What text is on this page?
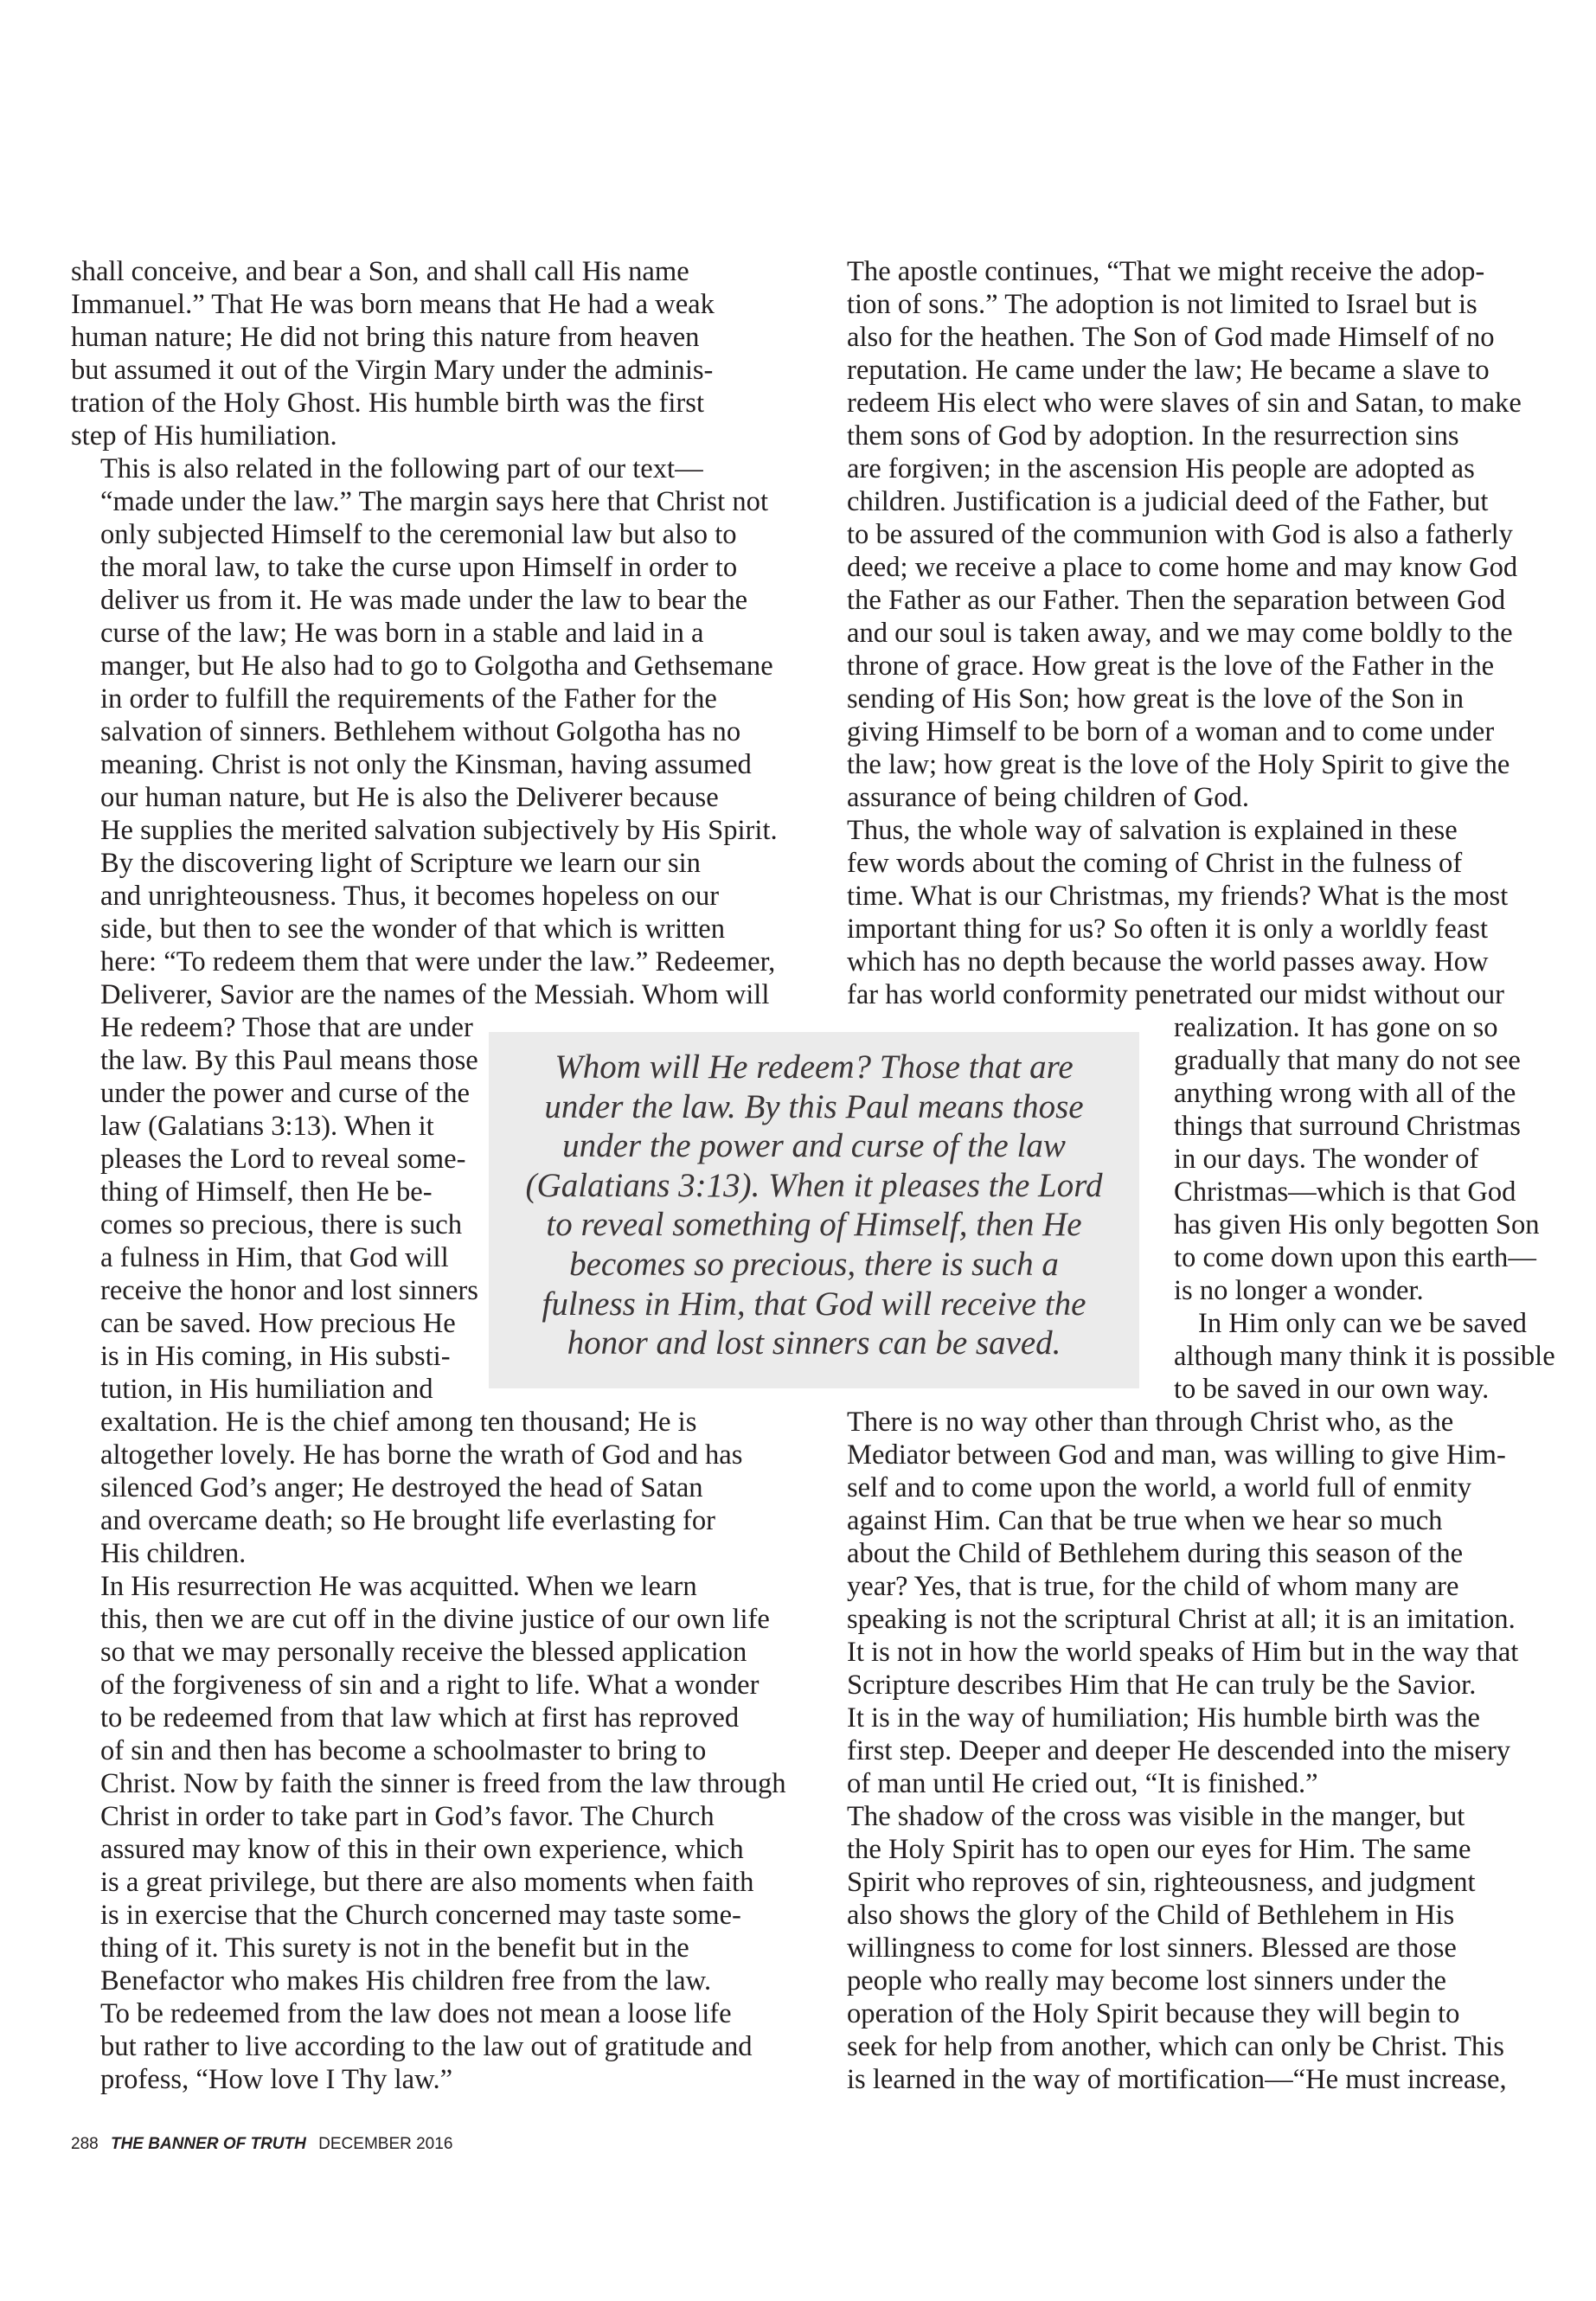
shall conceive, and bear a Son, and shall call His name
Immanuel.” That He was born means that He had a weak
human nature; He did not bring this nature from heaven
but assumed it out of the Virgin Mary under the adminis-
tration of the Holy Ghost. His humble birth was the first
step of His humiliation.

This is also related in the following part of our text—
“made under the law.” The margin says here that Christ not
only subjected Himself to the ceremonial law but also to
the moral law, to take the curse upon Himself in order to
deliver us from it. He was made under the law to bear the
curse of the law; He was born in a stable and laid in a
manger, but He also had to go to Golgotha and Gethsemane
in order to fulfill the requirements of the Father for the
salvation of sinners. Bethlehem without Golgotha has no
meaning. Christ is not only the Kinsman, having assumed
our human nature, but He is also the Deliverer because
He supplies the merited salvation subjectively by His Spirit.

By the discovering light of Scripture we learn our sin
and unrighteousness. Thus, it becomes hopeless on our
side, but then to see the wonder of that which is written
here: “To redeem them that were under the law.” Redeemer,
Deliverer, Savior are the names of the Messiah. Whom will
He redeem? Those that are under
the law. By this Paul means those
under the power and curse of the
law (Galatians 3:13). When it
pleases the Lord to reveal some-
thing of Himself, then He be-
comes so precious, there is such
a fulness in Him, that God will
receive the honor and lost sinners
can be saved. How precious He
is in His coming, in His substi-
tution, in His humiliation and
exaltation. He is the chief among ten thousand; He is
altogether lovely. He has borne the wrath of God and has
silenced God’s anger; He destroyed the head of Satan
and overcame death; so He brought life everlasting for
His children.

In His resurrection He was acquitted. When we learn
this, then we are cut off in the divine justice of our own life
so that we may personally receive the blessed application
of the forgiveness of sin and a right to life. What a wonder
to be redeemed from that law which at first has reproved
of sin and then has become a schoolmaster to bring to
Christ. Now by faith the sinner is freed from the law through
Christ in order to take part in God’s favor. The Church
assured may know of this in their own experience, which
is a great privilege, but there are also moments when faith
is in exercise that the Church concerned may taste some-
thing of it. This surety is not in the benefit but in the
Benefactor who makes His children free from the law.
To be redeemed from the law does not mean a loose life
but rather to live according to the law out of gratitude and
profess, “How love I Thy law.”

The apostle continues, “That we might receive the adop-
tion of sons.” The adoption is not limited to Israel but is
also for the heathen. The Son of God made Himself of no
reputation. He came under the law; He became a slave to
redeem His elect who were slaves of sin and Satan, to make
them sons of God by adoption. In the resurrection sins
are forgiven; in the ascension His people are adopted as
children. Justification is a judicial deed of the Father, but
to be assured of the communion with God is also a fatherly
deed; we receive a place to come home and may know God
the Father as our Father. Then the separation between God
and our soul is taken away, and we may come boldly to the
throne of grace. How great is the love of the Father in the
sending of His Son; how great is the love of the Son in
giving Himself to be born of a woman and to come under
the law; how great is the love of the Holy Spirit to give the
assurance of being children of God.

Thus, the whole way of salvation is explained in these
few words about the coming of Christ in the fulness of
time. What is our Christmas, my friends? What is the most
important thing for us? So often it is only a worldly feast
which has no depth because the world passes away. How
far has world conformity penetrated our midst without our
realization. It has gone on so
gradually that many do not see
anything wrong with all of the
things that surround Christmas
in our days. The wonder of
Christmas—which is that God
has given His only begotten Son
to come down upon this earth—
is no longer a wonder.

In Him only can we be saved
although many think it is possible
to be saved in our own way.
There is no way other than through Christ who, as the
Mediator between God and man, was willing to give Him-
self and to come upon the world, a world full of enmity
against Him. Can that be true when we hear so much
about the Child of Bethlehem during this season of the
year? Yes, that is true, for the child of whom many are
speaking is not the scriptural Christ at all; it is an imitation.
It is not in how the world speaks of Him but in the way that
Scripture describes Him that He can truly be the Savior.
It is in the way of humiliation; His humble birth was the
first step. Deeper and deeper He descended into the misery
of man until He cried out, “It is finished.”

The shadow of the cross was visible in the manger, but
the Holy Spirit has to open our eyes for Him. The same
Spirit who reproves of sin, righteousness, and judgment
also shows the glory of the Child of Bethlehem in His
willingness to come for lost sinners. Blessed are those
people who really may become lost sinners under the
operation of the Holy Spirit because they will begin to
seek for help from another, which can only be Christ. This
is learned in the way of mortification—“He must increase,

Whom will He redeem? Those that are
under the law. By this Paul means those
under the power and curse of the law
(Galatians 3:13). When it pleases the Lord
to reveal something of Himself, then He
becomes so precious, there is such a
fulness in Him, that God will receive the
honor and lost sinners can be saved.
288 THE BANNER OF TRUTH DECEMBER 2016
